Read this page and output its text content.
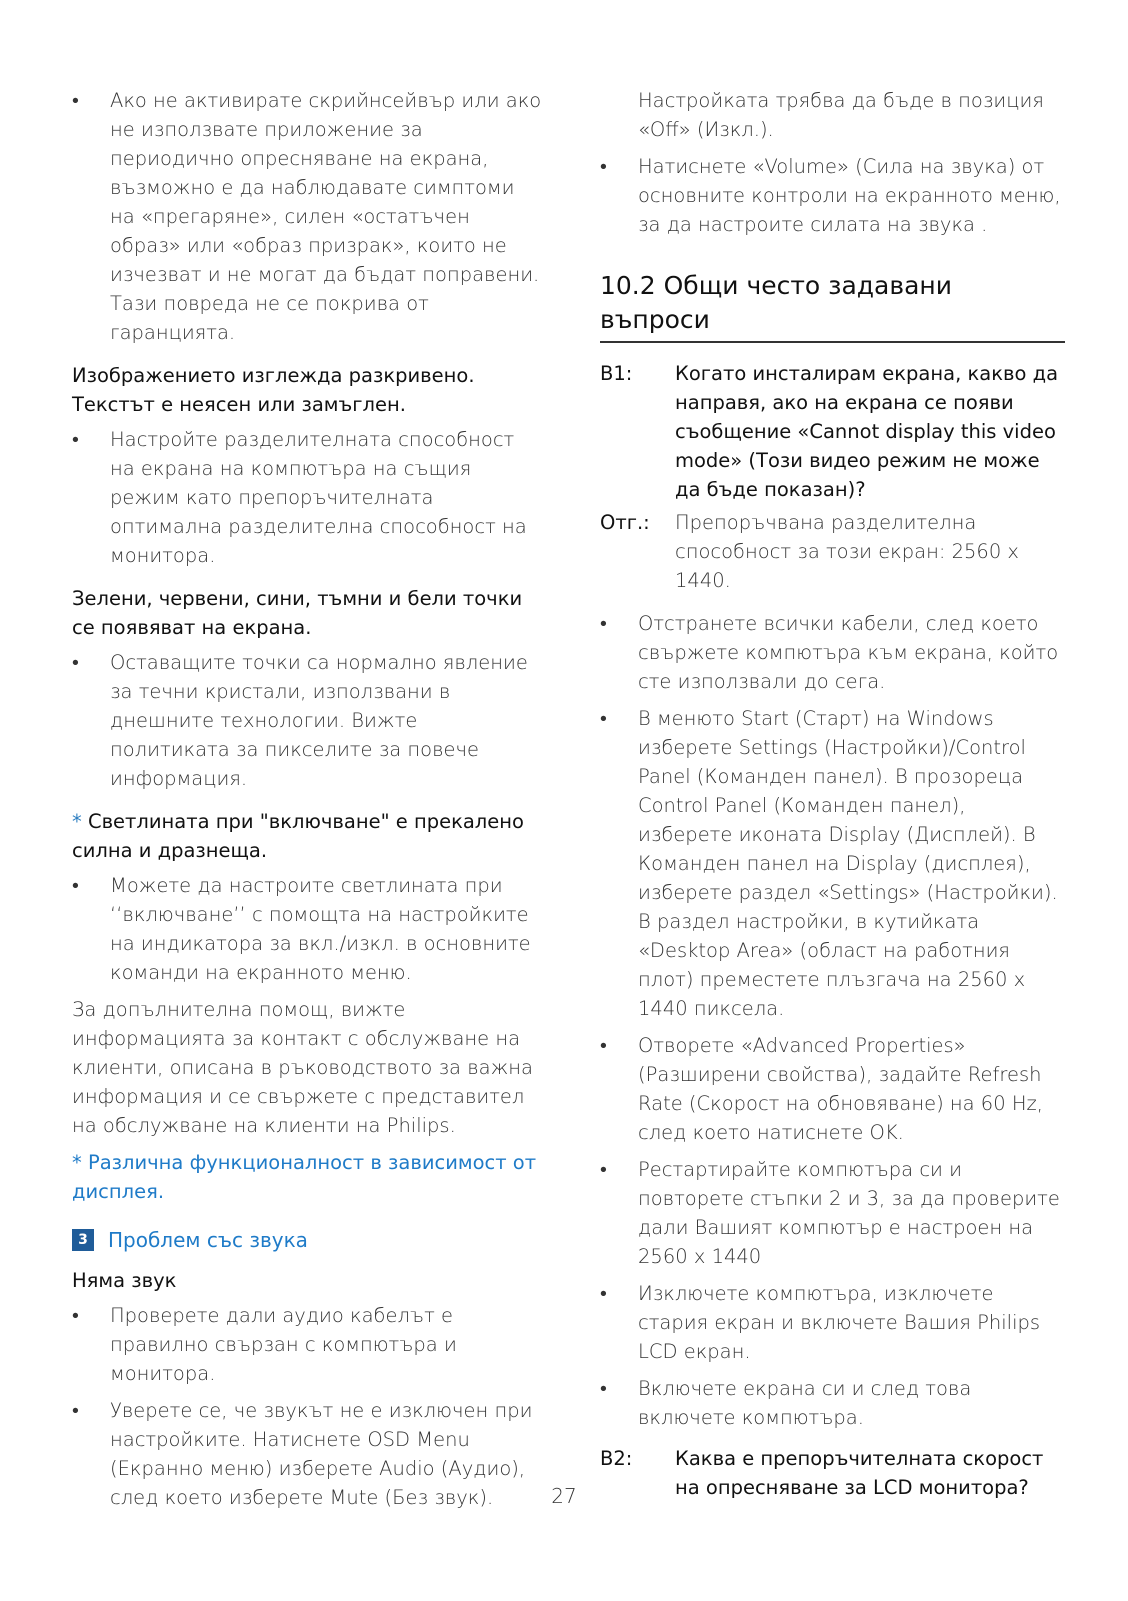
• Ако не активирате скрийнсейвър или ако не използвате приложение за периодично опресняване на екрана, възможно е да наблюдавате симптоми на «прегаряне», силен «остатъчен образ» или «образ призрак», които не изчезват и не могат да бъдат поправени. Тази повреда не се покрива от гаранцията.
Изображението изглежда разкривено. Текстът е неясен или замъглен.
• Настройте разделителната способност на екрана на компютъра на същия режим като препоръчителната оптимална разделителна способност на монитора.
Зелени, червени, сини, тъмни и бели точки се появяват на екрана.
• Оставащите точки са нормално явление за течни кристали, използвани в днешните технологии. Вижте политиката за пикселите за повече информация.
* Светлината при "включване" е прекалено силна и дразнеща.
• Можете да настроите светлината при ‘‘включване’’ с помощта на настройките на индикатора за вкл./изкл. в основните команди на екранното меню.
За допълнителна помощ, вижте информацията за контакт с обслужване на клиенти, описана в ръководството за важна информация и се свържете с представител на обслужване на клиенти на Philips.
* Различна функционалност в зависимост от дисплея.
3	Проблем със звука
Няма звук
• Проверете дали аудио кабелът е правилно свързан с компютъра и монитора.
• Уверете се, че звукът не е изключен при настройките. Натиснете OSD Menu (Екранно меню) изберете Audio (Аудио), след което изберете Mute (Без звук).
Настройката трябва да бъде в позиция «Off» (Изкл.).
• Натиснете «Volume» (Сила на звука) от основните контроли на екранното меню, за да настроите силата на звука .
10.2 Общи често задавани въпроси
В1:	Когато инсталирам екрана, какво да направя, ако на екрана се появи съобщение «Cannot display this video mode» (Този видео режим не може да бъде показан)?
Отг.:	Препоръчвана разделителна способност за този екран: 2560 x 1440.
• Отстранете всички кабели, след което свържете компютъра към екрана, който сте използвали до сега.
• В менюто Start (Старт) на Windows изберете Settings (Настройки)/Control Panel (Команден панел). В прозореца Control Panel (Команден панел), изберете иконата Display (Дисплей). В Команден панел на Display (дисплея), изберете раздел «Settings» (Настройки). В раздел настройки, в кутийката «Desktop Area» (област на работния плот) преместете плъзгача на 2560 x 1440 пиксела.
• Отворете «Advanced Properties» (Разширени свойства), задайте Refresh Rate (Скорост на обновяване) на 60 Hz, след което натиснете OK.
• Рестартирайте компютъра си и повторете стъпки 2 и 3, за да проверите дали Вашият компютър е настроен на 2560 x 1440
• Изключете компютъра, изключете стария екран и включете Вашия Philips LCD екран.
• Включете екрана си и след това включете компютъра.
В2:	Каква е препоръчителната скорост на опресняване за LCD монитора?
27
